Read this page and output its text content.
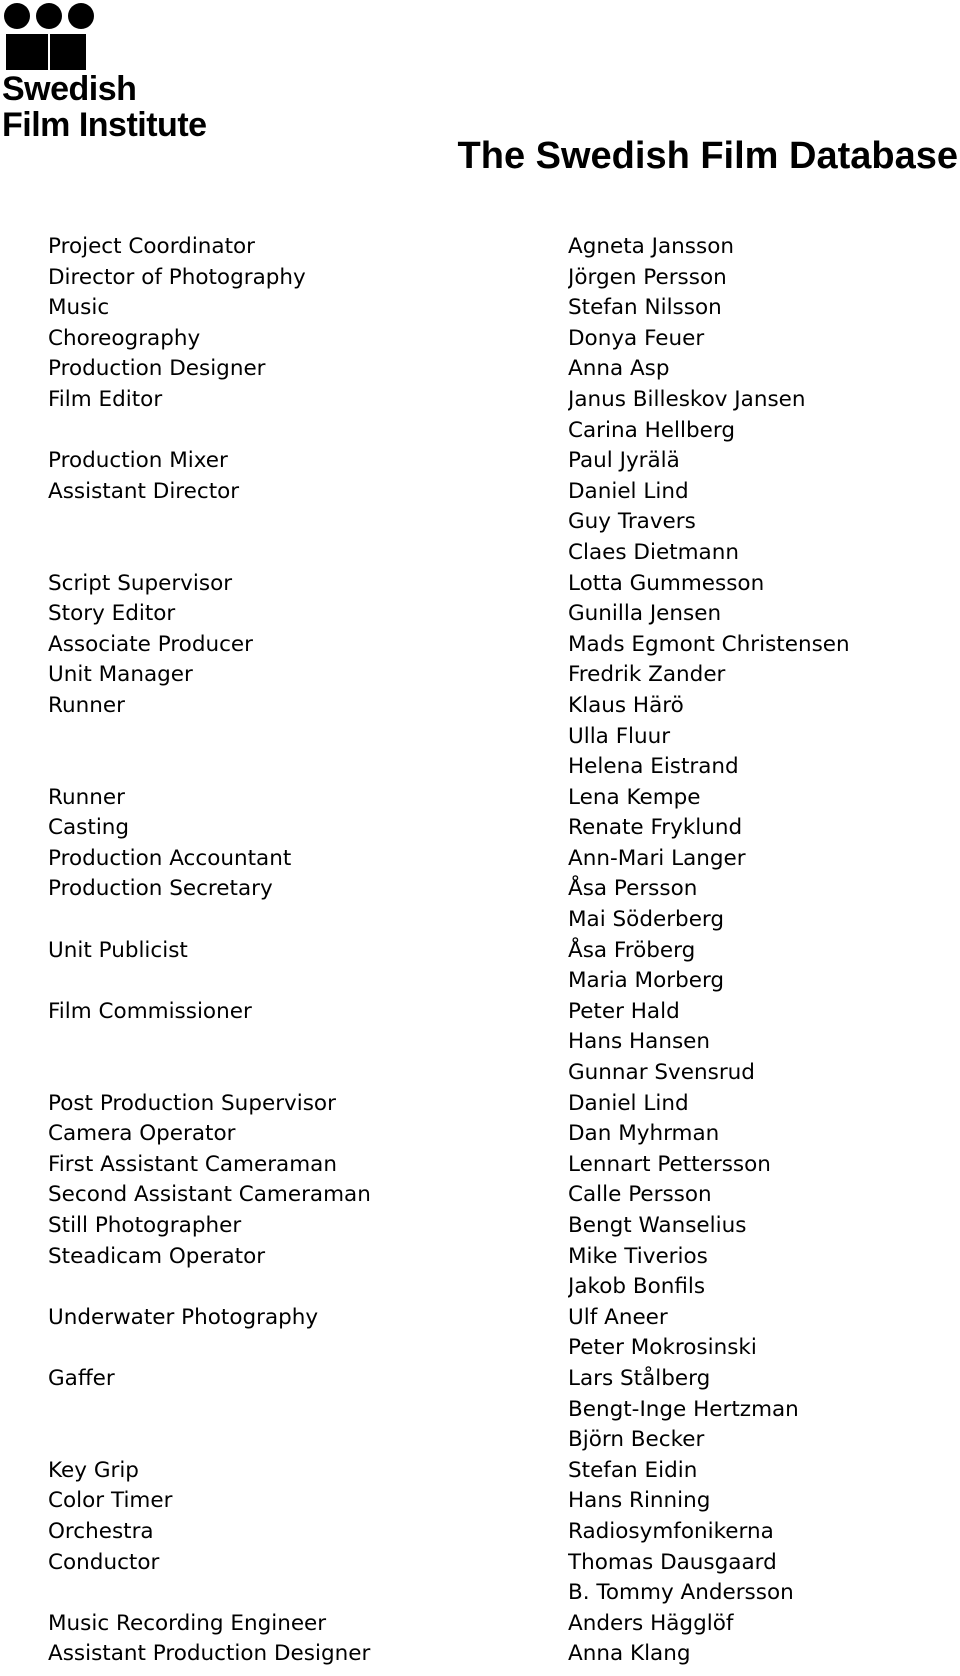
Swedish
Film Institute
The Swedish Film Database
Project Coordinator	Agneta Jansson
Director of Photography	Jörgen Persson
Music	Stefan Nilsson
Choreography	Donya Feuer
Production Designer	Anna Asp
Film Editor	Janus Billeskov Jansen
Carina Hellberg
Production Mixer	Paul Jyrälä
Assistant Director	Daniel Lind
Guy Travers
Claes Dietmann
Script Supervisor	Lotta Gummesson
Story Editor	Gunilla Jensen
Associate Producer	Mads Egmont Christensen
Unit Manager	Fredrik Zander
Runner	Klaus Härö
Ulla Fluur
Helena Eistrand
Runner	Lena Kempe
Casting	Renate Fryklund
Production Accountant	Ann-Mari Langer
Production Secretary	Åsa Persson
Mai Söderberg
Unit Publicist	Åsa Fröberg
Maria Morberg
Film Commissioner	Peter Hald
Hans Hansen
Gunnar Svensrud
Post Production Supervisor	Daniel Lind
Camera Operator	Dan Myhrman
First Assistant Cameraman	Lennart Pettersson
Second Assistant Cameraman	Calle Persson
Still Photographer	Bengt Wanselius
Steadicam Operator	Mike Tiverios
Jakob Bonfils
Underwater Photography	Ulf Aneer
Peter Mokrosinski
Gaffer	Lars Stålberg
Bengt-Inge Hertzman
Björn Becker
Key Grip	Stefan Eidin
Color Timer	Hans Rinning
Orchestra	Radiosymfonikerna
Conductor	Thomas Dausgaard
B. Tommy Andersson
Music Recording Engineer	Anders Hägglöf
Assistant Production Designer	Anna Klang
